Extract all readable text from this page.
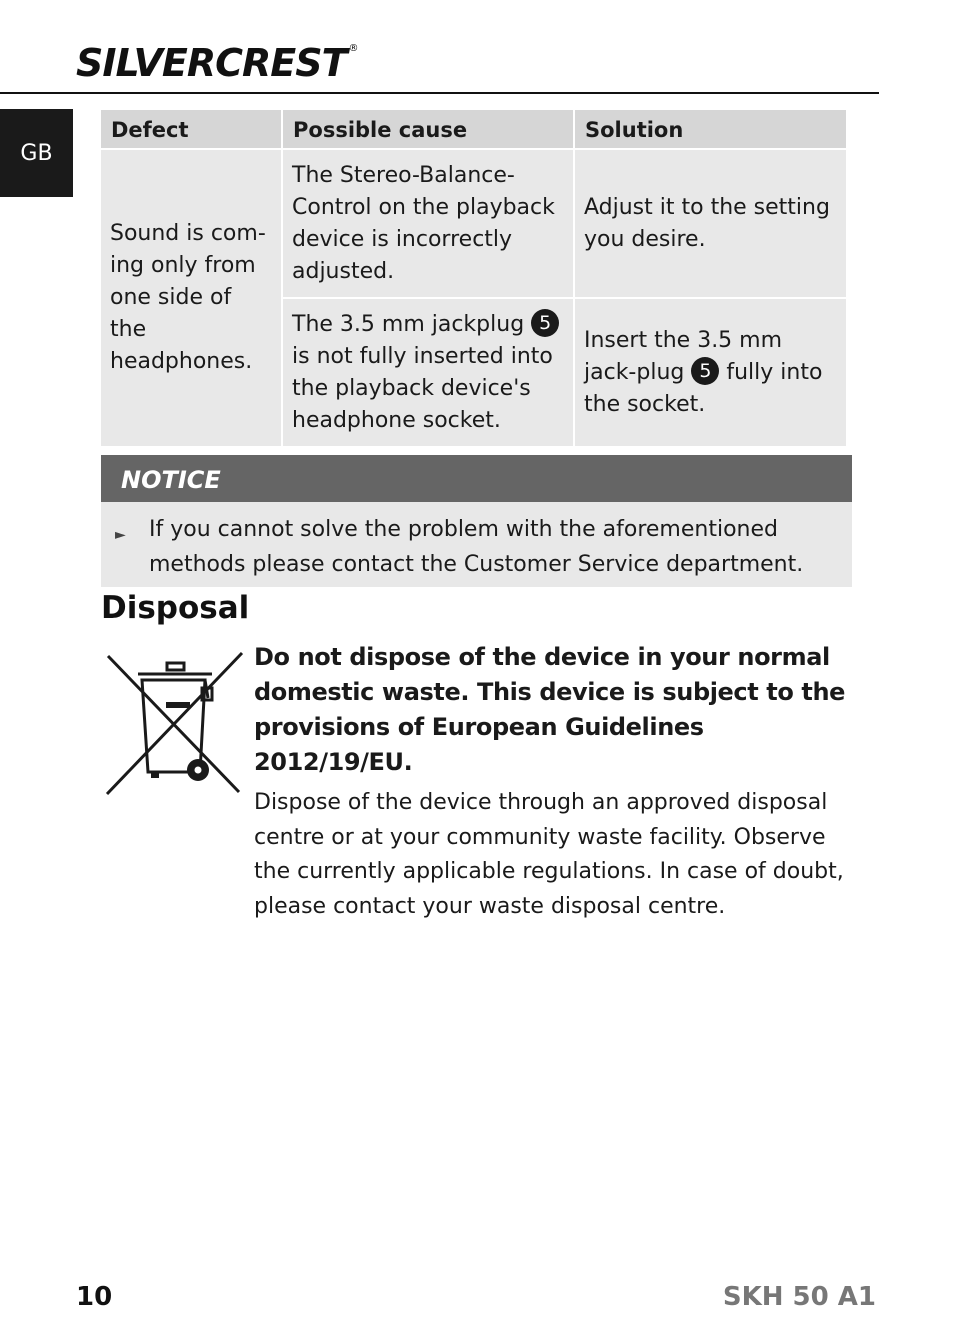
SILVERCREST ®
GB
Defect	Possible cause	Solution
Sound is com-ing only from one side of the headphones.	The Stereo-Balance-Control on the playback device is incorrectly adjusted.	Adjust it to the setting you desire.
	The 3.5 mm jackplug 5 is not fully inserted into the playback device's headphone socket.	Insert the 3.5 mm jack-plug 5 fully into the socket.
NOTICE
► If you cannot solve the problem with the aforementioned methods please contact the Customer Service department.
Disposal

Do not dispose of the device in your normal domestic waste. This device is subject to the provisions of European Guidelines 2012/19/EU.

Dispose of the device through an approved disposal centre or at your community waste facility. Observe the currently applicable regulations. In case of doubt, please contact your waste disposal centre.

10	SKH 50 A1
